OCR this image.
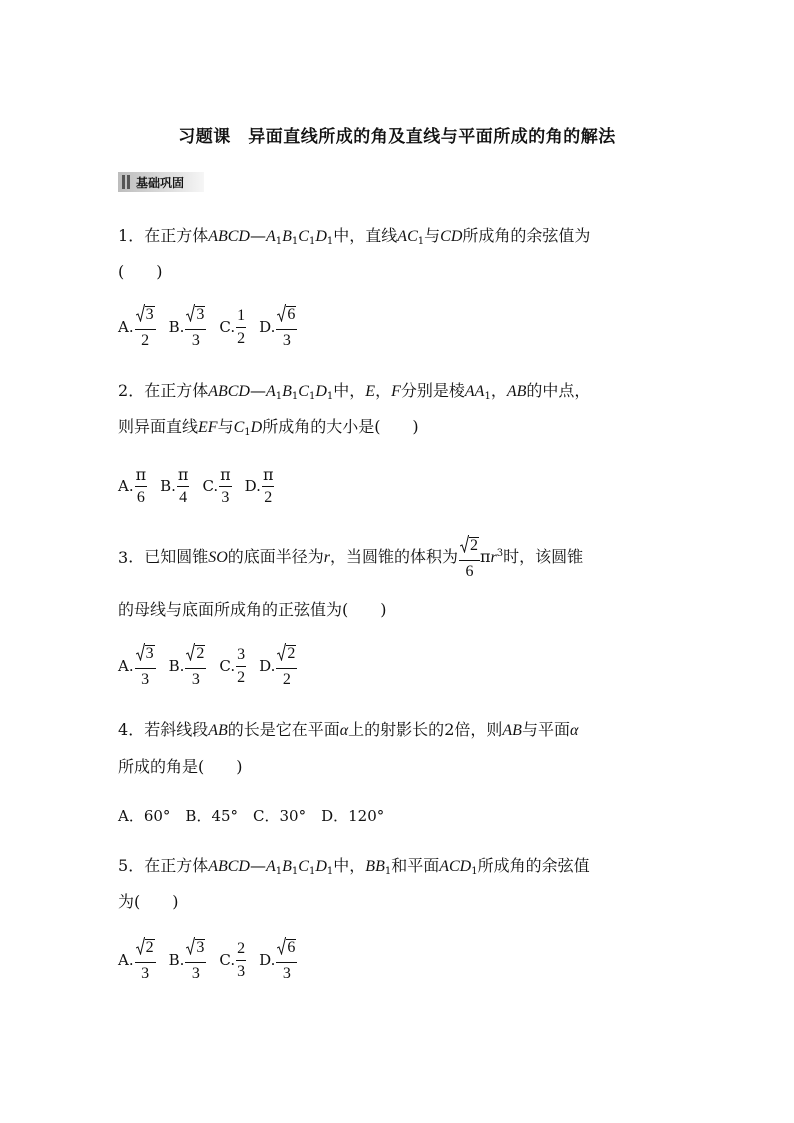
习题课　异面直线所成的角及直线与平面所成的角的解法
基础巩固
1．在正方体$ABCD—A_1B_1C_1D_1$中，直线$AC_1$与CD所成角的余弦值为
(　　)
A. $\frac{3}{2} B$. $\frac{3}{3} C$. $\frac{1}{2} D$. $\frac{6}{3}$
2．在正方体$ABCD—A_1B_1C_1D_1$中，E，F分别是棱$AA_1$，AB的中点，
则异面直线EF与$C_1D$所成角的大小是(　　)
A. $\frac{\pi}{6} B$. $\frac{\pi}{4} C$. $\frac{\pi}{3} D$. $\frac{\pi}{2}$
3 ．已知圆锥SO的底面半径为r，当圆锥的体积为 $\frac{2}{6} \pi r^3$时，该圆锥
的母线与底面所成角的正弦值为(　　)
A. $\frac{3}{3} B$. $\frac{2}{3} C$. $\frac{3}{2} D$. $\frac{2}{2}$
4．若斜线段AB的长是它在平面α上的射影长的2倍，则AB与平面α
所成的角是(　　)
A．60°　B．45°　C．30°　D．120°
5．在正方体$ABCD—A_1B_1C_1D_1$中，$BB_1$和平面$ACD_1$所成角的余弦值
为(　　)
A. $\frac{2}{3} B$. $\frac{3}{3} C$. $\frac{2}{3} D$. $\frac{6}{3}$
